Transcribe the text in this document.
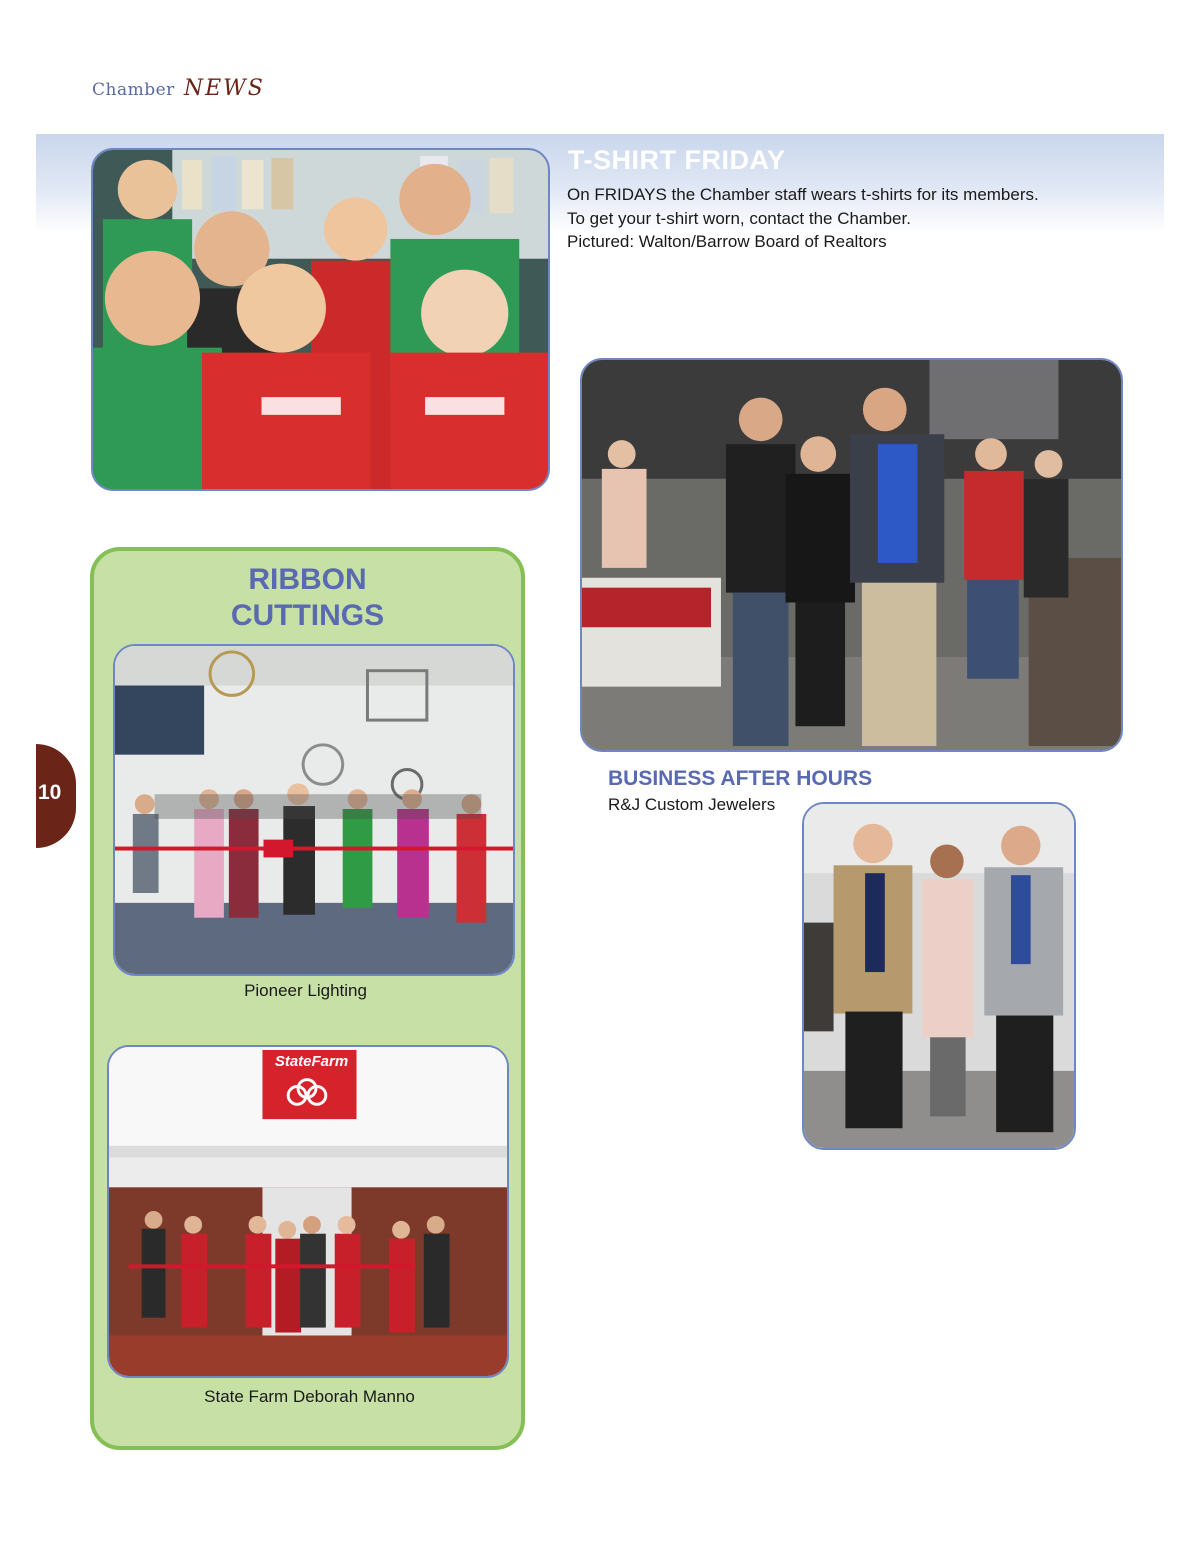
Chamber NEWS
T-SHIRT FRIDAY
On FRIDAYS the Chamber staff wears t-shirts for its members.
To get your t-shirt worn, contact the Chamber.
Pictured: Walton/Barrow Board of Realtors
RIBBON
CUTTINGS
Pioneer Lighting
StateFarm
State Farm Deborah Manno
10
BUSINESS AFTER HOURS
R&J Custom Jewelers
